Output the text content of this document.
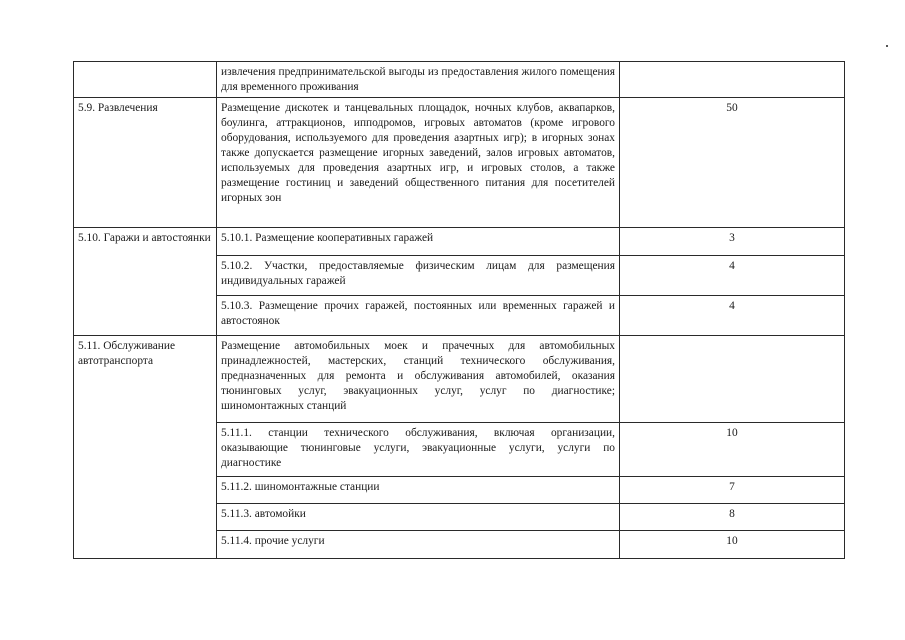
	извлечения предпринимательской выгоды из предоставления жилого помещения для временного проживания	
5.9. Развлечения	Размещение дискотек и танцевальных площадок, ночных клубов, аквапарков, боулинга, аттракционов, ипподромов, игровых автоматов (кроме игрового оборудования, используемого для проведения азартных игр); в игорных зонах также допускается размещение игорных заведений, залов игровых автоматов, используемых для проведения азартных игр, и игровых столов, а также размещение гостиниц и заведений общественного питания для посетителей игорных зон	50
5.10. Гаражи и автостоянки	5.10.1. Размещение кооперативных гаражей	3
	5.10.2. Участки, предоставляемые физическим лицам для размещения индивидуальных гаражей	4
	5.10.3. Размещение прочих гаражей, постоянных или временных гаражей и автостоянок	4
5.11. Обслуживание автотранспорта	Размещение автомобильных моек и прачечных для автомобильных принадлежностей, мастерских, станций технического обслуживания, предназначенных для ремонта и обслуживания автомобилей, оказания тюнинговых услуг, эвакуационных услуг, услуг по диагностике; шиномонтажных станций	
	5.11.1. станции технического обслуживания, включая организации, оказывающие тюнинговые услуги, эвакуационные услуги, услуги по диагностике	10
	5.11.2. шиномонтажные станции	7
	5.11.3. автомойки	8
	5.11.4. прочие услуги	10
